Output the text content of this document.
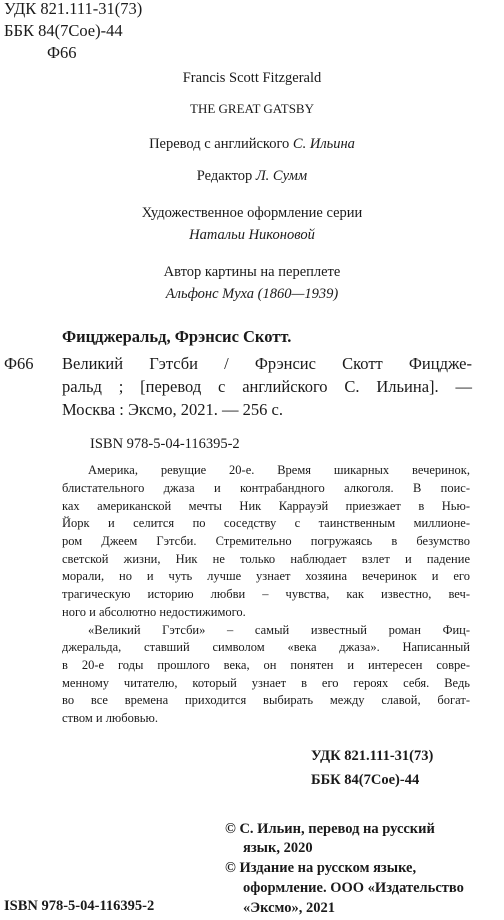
УДК 821.111-31(73)
ББК 84(7Сое)-44
Ф66
Francis Scott Fitzgerald
THE GREAT GATSBY
Перевод с английского С. Ильина
Редактор Л. Сумм
Художественное оформление серии
Натальи Никоновой
Автор картины на переплете
Альфонс Муха (1860—1939)
Фицджеральд, Фрэнсис Скотт.
Ф66 Великий Гэтсби / Фрэнсис Скотт Фицдже-
ральд ; [перевод с английского С. Ильина]. —
Москва : Эксмо, 2021. — 256 с.
ISBN 978-5-04-116395-2
Америка, ревущие 20-е. Время шикарных вечеринок,
блистательного джаза и контрабандного алкоголя. В поис-
ках американской мечты Ник Каррауэй приезжает в Нью-
Йорк и селится по соседству с таинственным миллионе-
ром Джеем Гэтсби. Стремительно погружаясь в безумство
светской жизни, Ник не только наблюдает взлет и падение
морали, но и чуть лучше узнает хозяина вечеринок и его
трагическую историю любви – чувства, как известно, веч-
ного и абсолютно недостижимого.
«Великий Гэтсби» – самый известный роман Фиц-
джеральда, ставший символом «века джаза». Написанный
в 20-е годы прошлого века, он понятен и интересен совре-
менному читателю, который узнает в его героях себя. Ведь
во все времена приходится выбирать между славой, богат-
ством и любовью.
УДК 821.111-31(73)
ББК 84(7Сое)-44
© С. Ильин, перевод на русский
язык, 2020
© Издание на русском языке,
оформление. ООО «Издательство
«Эксмо», 2021
ISBN 978-5-04-116395-2
